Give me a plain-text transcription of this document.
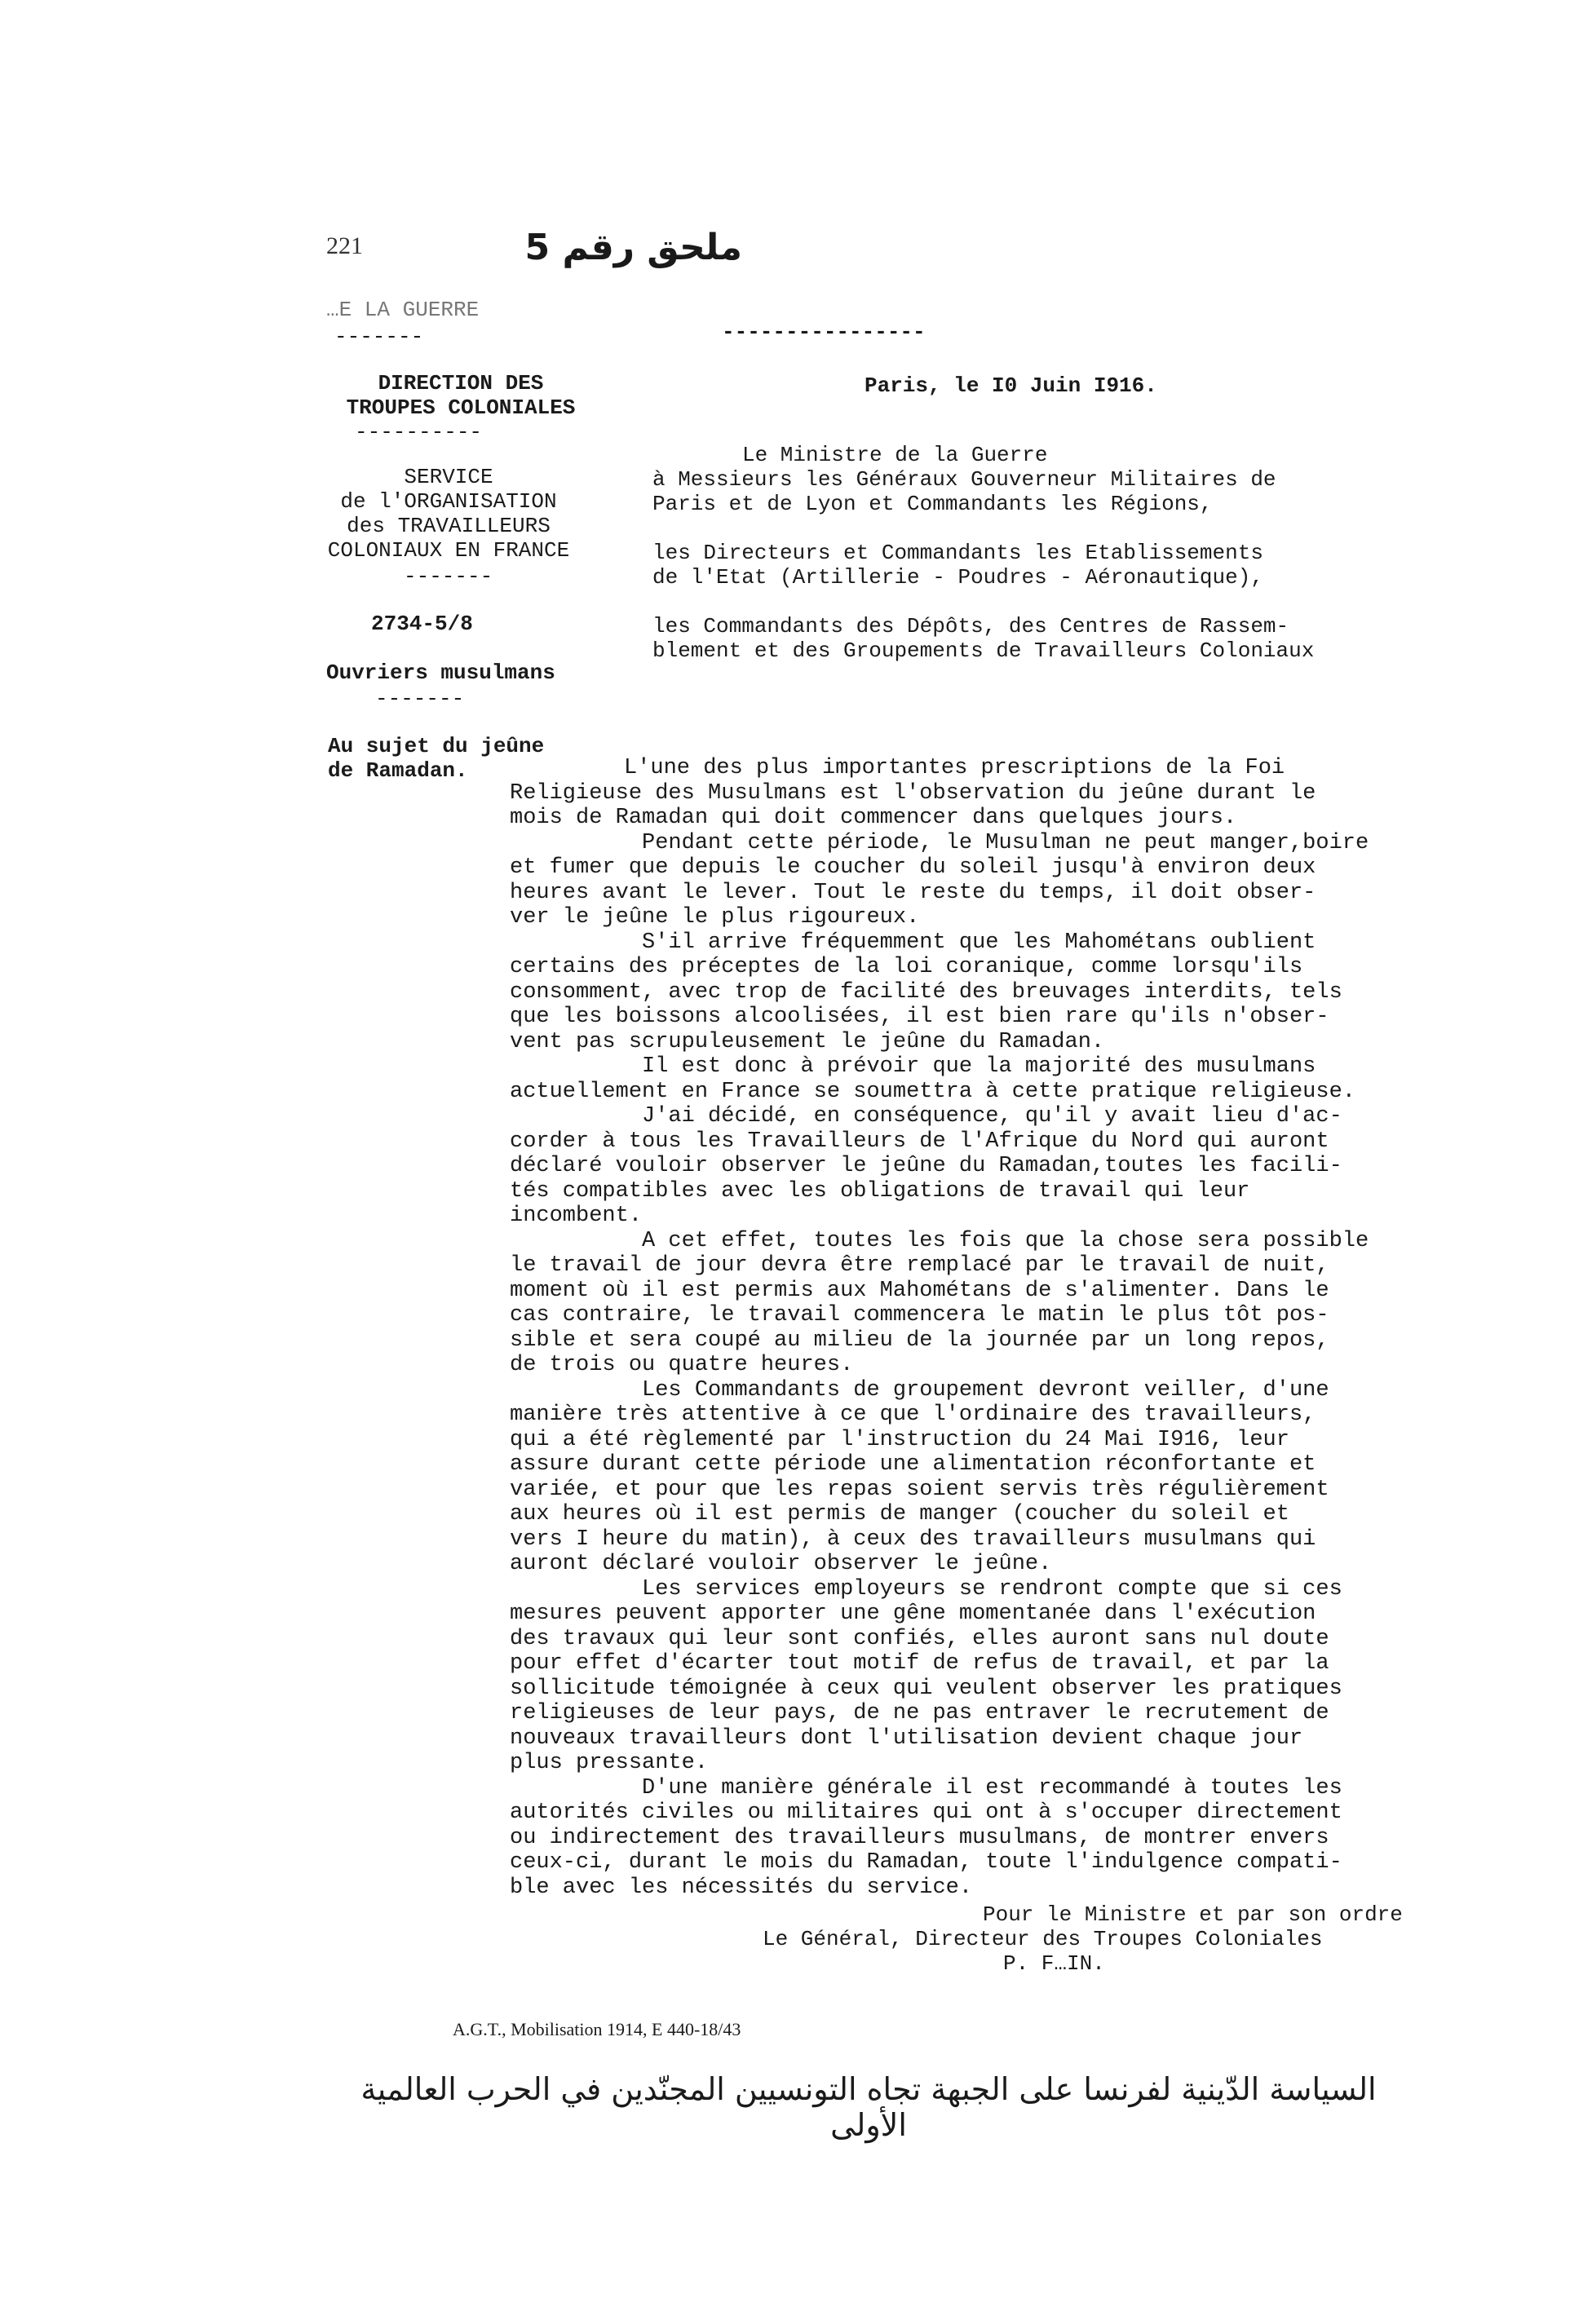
221	ملحق رقم 5
…E LA GUERRE
-------	----------------
DIRECTION DES
TROUPES COLONIALES
----------
SERVICE
de l'ORGANISATION
des TRAVAILLEURS
COLONIAUX EN FRANCE
-------
2734-5/8
Ouvriers musulmans
-------
Au sujet du jeûne
de Ramadan.
Paris, le I0 Juin I916.
Le Ministre de la Guerre
à Messieurs les Généraux Gouverneur Militaires de
Paris et de Lyon et Commandants les Régions,
les Directeurs et Commandants les Etablissements
de l'Etat (Artillerie - Poudres - Aéronautique),
les Commandants des Dépôts, des Centres de Rassem-
blement et des Groupements de Travailleurs Coloniaux
L'une des plus importantes prescriptions de la Foi
Religieuse des Musulmans est l'observation du jeûne durant le
mois de Ramadan qui doit commencer dans quelques jours.
Pendant cette période, le Musulman ne peut manger,boire
et fumer que depuis le coucher du soleil jusqu'à environ deux
heures avant le lever. Tout le reste du temps, il doit obser-
ver le jeûne le plus rigoureux.
S'il arrive fréquemment que les Mahométans oublient
certains des préceptes de la loi coranique, comme lorsqu'ils
consomment, avec trop de facilité des breuvages interdits, tels
que les boissons alcoolisées, il est bien rare qu'ils n'obser-
vent pas scrupuleusement le jeûne du Ramadan.
Il est donc à prévoir que la majorité des musulmans
actuellement en France se soumettra à cette pratique religieuse.
J'ai décidé, en conséquence, qu'il y avait lieu d'ac-
corder à tous les Travailleurs de l'Afrique du Nord qui auront
déclaré vouloir observer le jeûne du Ramadan,toutes les facili-
tés compatibles avec les obligations de travail qui leur
incombent.
A cet effet, toutes les fois que la chose sera possible
le travail de jour devra être remplacé par le travail de nuit,
moment où il est permis aux Mahométans de s'alimenter. Dans le
cas contraire, le travail commencera le matin le plus tôt pos-
sible et sera coupé au milieu de la journée par un long repos,
de trois ou quatre heures.
Les Commandants de groupement devront veiller, d'une
manière très attentive à ce que l'ordinaire des travailleurs,
qui a été règlementé par l'instruction du 24 Mai I916, leur
assure durant cette période une alimentation réconfortante et
variée, et pour que les repas soient servis très régulièrement
aux heures où il est permis de manger (coucher du soleil et
vers I heure du matin), à ceux des travailleurs musulmans qui
auront déclaré vouloir observer le jeûne.
Les services employeurs se rendront compte que si ces
mesures peuvent apporter une gêne momentanée dans l'exécution
des travaux qui leur sont confiés, elles auront sans nul doute
pour effet d'écarter tout motif de refus de travail, et par la
sollicitude témoignée à ceux qui veulent observer les pratiques
religieuses de leur pays, de ne pas entraver le recrutement de
nouveaux travailleurs dont l'utilisation devient chaque jour
plus pressante.
D'une manière générale il est recommandé à toutes les
autorités civiles ou militaires qui ont à s'occuper directement
ou indirectement des travailleurs musulmans, de montrer envers
ceux-ci, durant le mois du Ramadan, toute l'indulgence compati-
ble avec les nécessités du service.
Pour le Ministre et par son ordre
Le Général, Directeur des Troupes Coloniales
P. F…IN.
A.G.T., Mobilisation 1914, E 440-18/43
السياسة الدّينية لفرنسا على الجبهة تجاه التونسيين المجنّدين في الحرب العالمية الأولى
